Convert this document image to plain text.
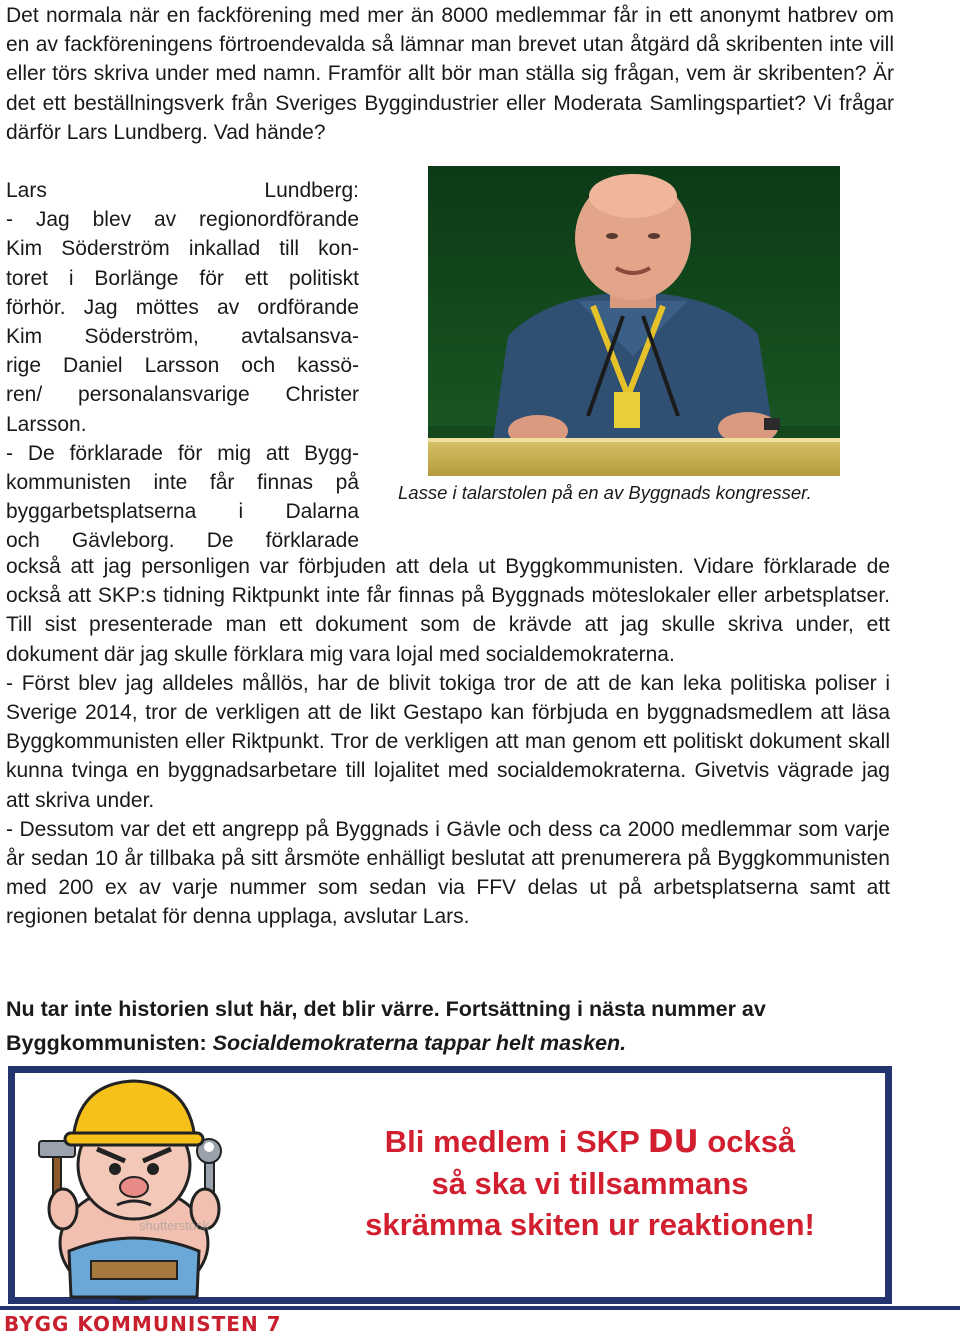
Det normala när en fackförening med mer än 8000 medlemmar får in ett anonymt hatbrev om en av fackföreningens förtroendevalda så lämnar man brevet utan åtgärd då skribenten inte vill eller törs skriva under med namn. Framför allt bör man ställa sig frågan, vem är skribenten? Är det ett beställningsverk från Sveriges Byggindustrier eller Moderata Samlingspartiet? Vi frågar därför Lars Lundberg. Vad hände?

Lars Lundberg:
- Jag blev av regionordförande
Kim Söderström inkallad till kon-
toret i Borlänge för ett politiskt
förhör. Jag möttes av ordförande
Kim Söderström, avtalsansva-
rige Daniel Larsson och kassö-
ren/ personalansvarige Christer
Larsson.
- De förklarade för mig att Bygg-
kommunisten inte får finnas på
byggarbetsplatserna i Dalarna
och Gävleborg. De förklarade
Lasse i talarstolen på en av Byggnads kongresser.
också att jag personligen var förbjuden att dela ut Byggkommunisten. Vidare förklarade de också att SKP:s tidning Riktpunkt inte får finnas på Byggnads möteslokaler eller arbetsplatser. Till sist presenterade man ett dokument som de krävde att jag skulle skriva under, ett dokument där jag skulle förklara mig vara lojal med socialdemokraterna.
- Först blev jag alldeles mållös, har de blivit tokiga tror de att de kan leka politiska poliser i Sverige 2014, tror de verkligen att de likt Gestapo kan förbjuda en byggnadsmedlem att läsa Byggkommunisten eller Riktpunkt. Tror de verkligen att man genom ett politiskt dokument skall kunna tvinga en byggnadsarbetare till lojalitet med socialdemokraterna. Givetvis vägrade jag att skriva under.
- Dessutom var det ett angrepp på Byggnads i Gävle och dess ca 2000 medlemmar som varje år sedan 10 år tillbaka på sitt årsmöte enhälligt beslutat att prenumerera på Byggkommunisten med 200 ex av varje nummer som sedan via FFV delas ut på arbetsplatserna samt att regionen betalat för denna upplaga, avslutar Lars.
Nu tar inte historien slut här, det blir värre. Fortsättning i nästa nummer av Byggkommunisten: Socialdemokraterna tappar helt masken.
shutterstock
Bli medlem i SKP DU också
så ska vi tillsammans
skrämma skiten ur reaktionen!
BYGG KOMMUNISTEN 7
